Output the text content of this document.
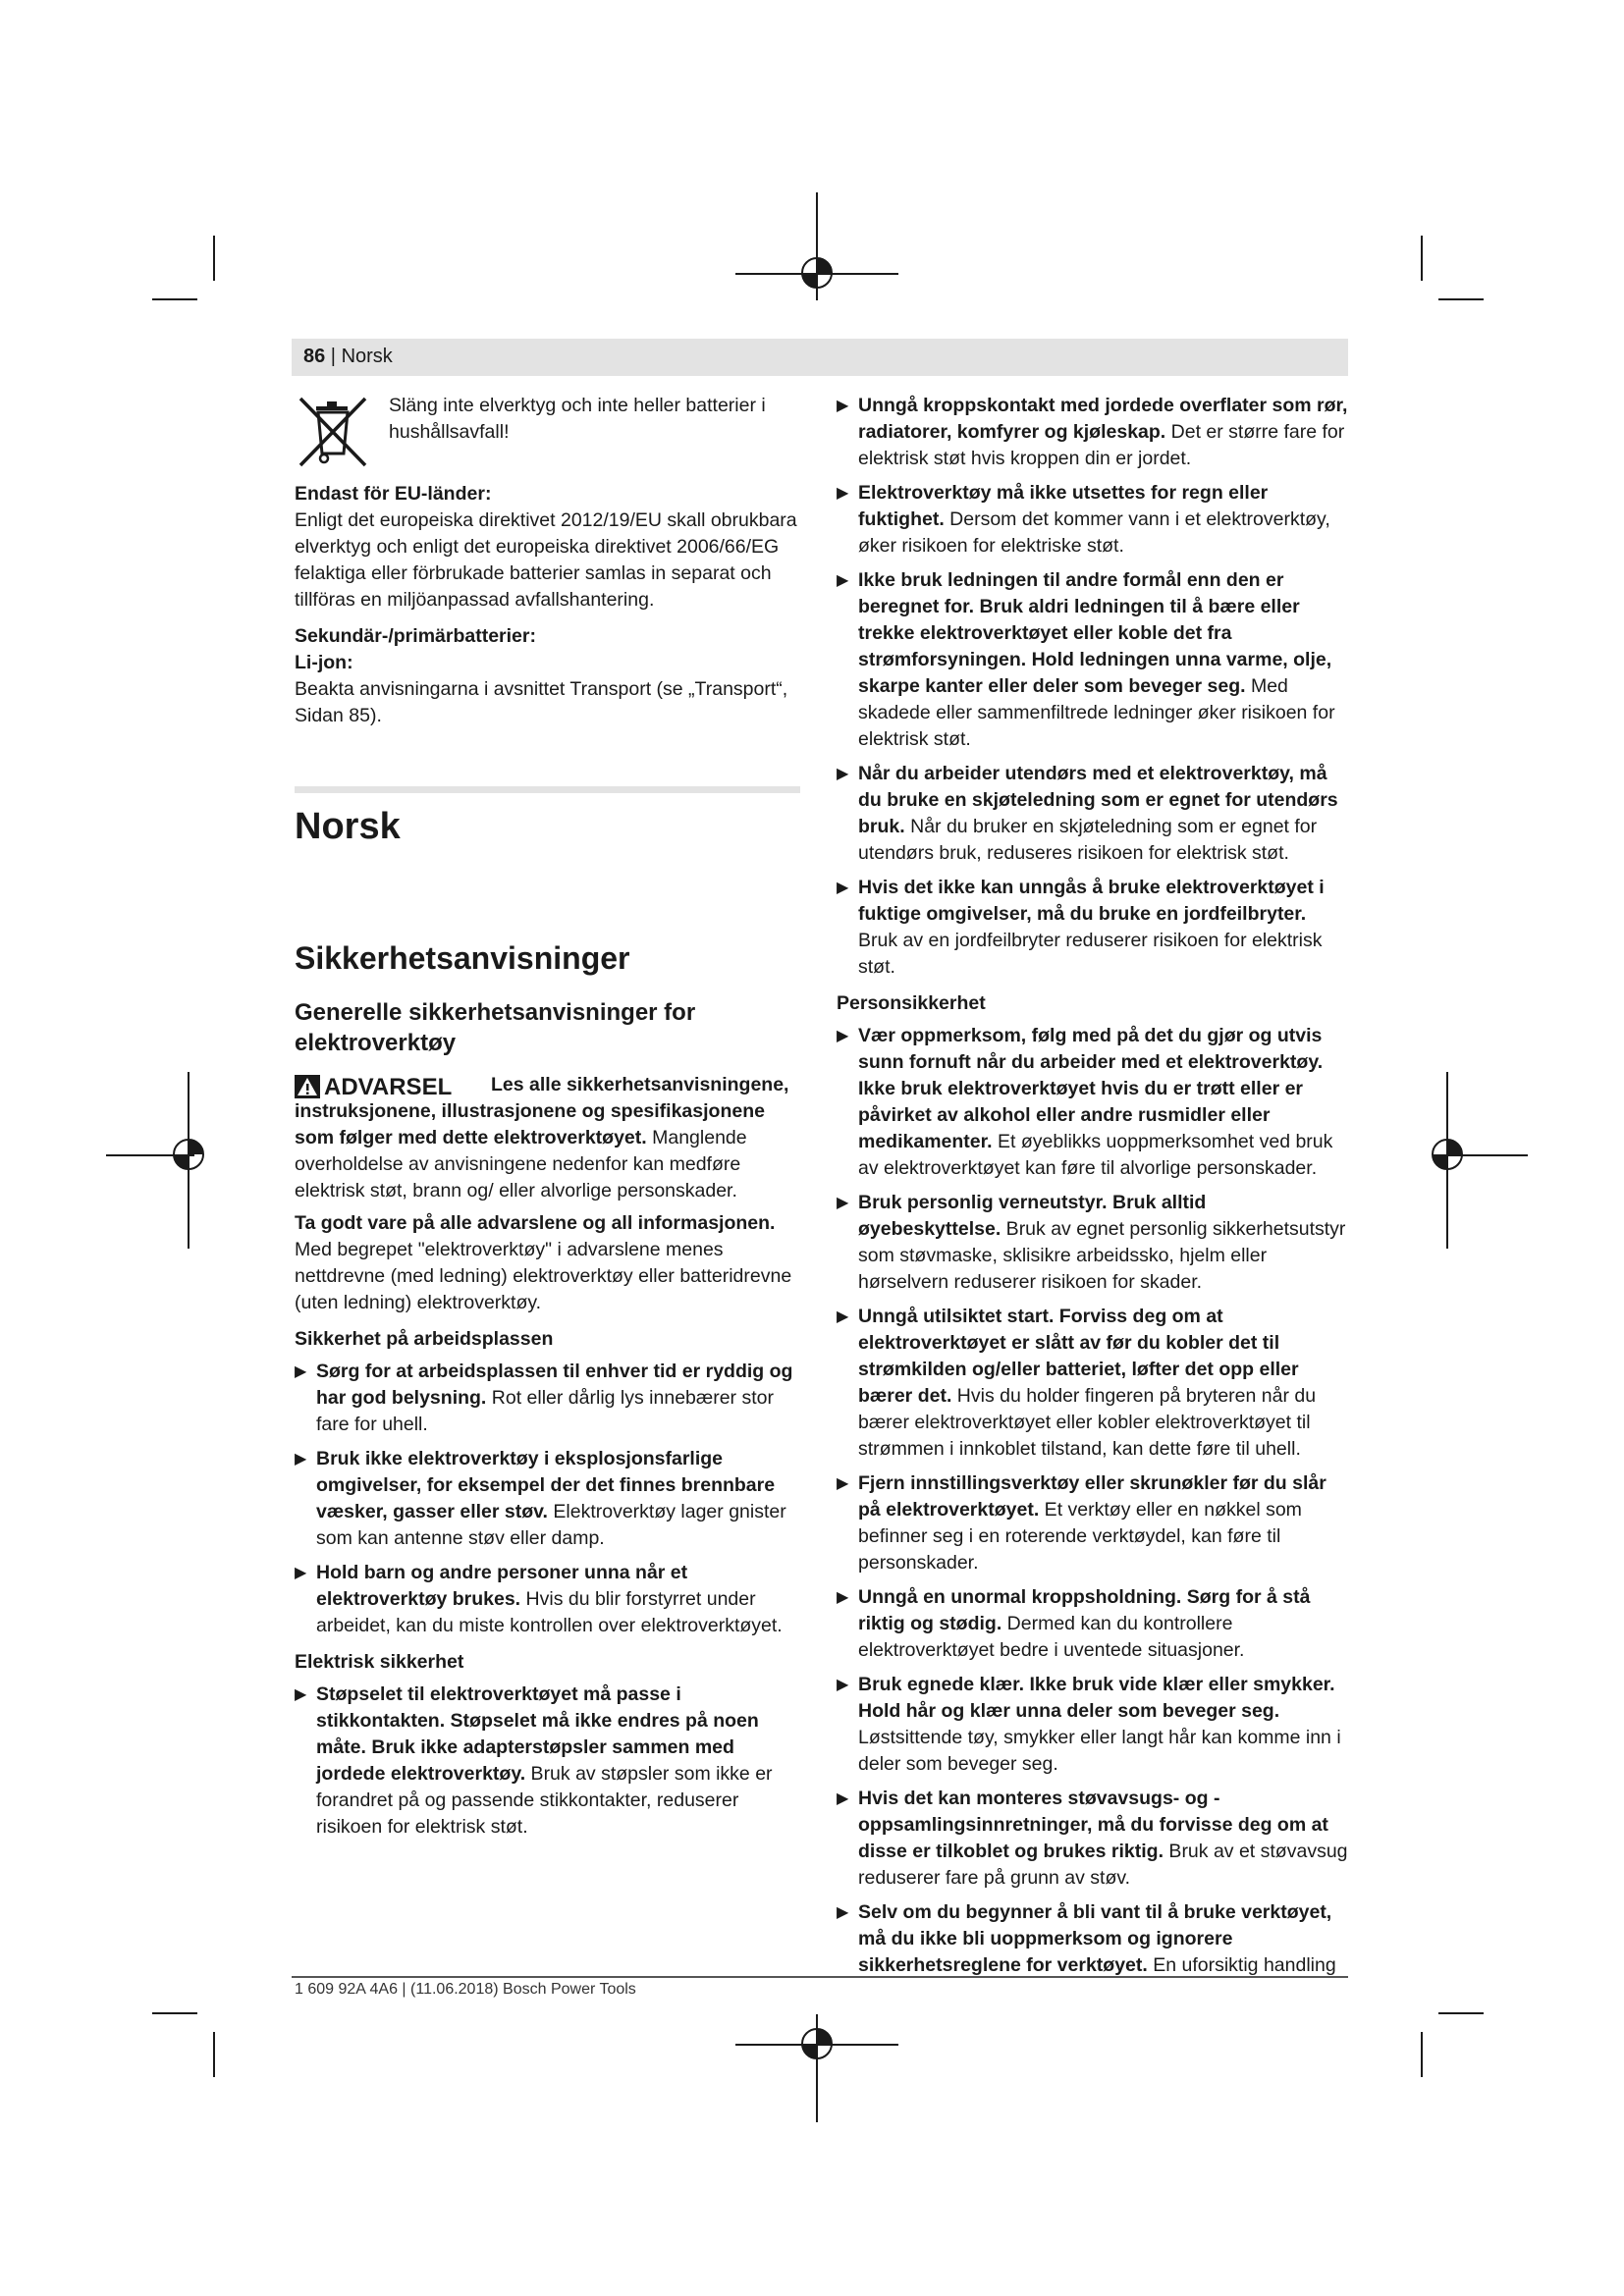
86 | Norsk

Släng inte elverktyg och inte heller batterier i hushållsavfall!

Endast för EU-länder:

Enligt det europeiska direktivet 2012/19/EU skall obrukbara elverktyg och enligt det europeiska direktivet 2006/66/EG felaktiga eller förbrukade batterier samlas in separat och tillföras en miljöanpassad avfallshantering.

Sekundär-/primärbatterier:

Li-jon:

Beakta anvisningarna i avsnittet Transport (se „Transport“, Sidan 85).

Norsk

Sikkerhetsanvisninger

Generelle sikkerhetsanvisninger for elektroverktøy

ADVARSEL	Les alle sikkerhetsanvisningene, instruksjonene, illustrasjonene og spesifikasjonene som følger med dette elektroverktøyet. Manglende overholdelse av anvisningene nedenfor kan medføre elektrisk støt, brann og/ eller alvorlige personskader.

Ta godt vare på alle advarslene og all informasjonen.

Med begrepet "elektroverktøy" i advarslene menes nettdrevne (med ledning) elektroverktøy eller batteridrevne (uten ledning) elektroverktøy.

Sikkerhet på arbeidsplassen

▶ Sørg for at arbeidsplassen til enhver tid er ryddig og har god belysning. Rot eller dårlig lys innebærer stor fare for uhell.
▶ Bruk ikke elektroverktøy i eksplosjonsfarlige omgivelser, for eksempel der det finnes brennbare væsker, gasser eller støv. Elektroverktøy lager gnister som kan antenne støv eller damp.
▶ Hold barn og andre personer unna når et elektroverktøy brukes. Hvis du blir forstyrret under arbeidet, kan du miste kontrollen over elektroverktøyet.

Elektrisk sikkerhet

▶ Støpselet til elektroverktøyet må passe i stikkontakten. Støpselet må ikke endres på noen måte. Bruk ikke adapterstøpsler sammen med jordede elektroverktøy. Bruk av støpsler som ikke er forandret på og passende stikkontakter, reduserer risikoen for elektrisk støt.
▶ Unngå kroppskontakt med jordede overflater som rør, radiatorer, komfyrer og kjøleskap. Det er større fare for elektrisk støt hvis kroppen din er jordet.
▶ Elektroverktøy må ikke utsettes for regn eller fuktighet. Dersom det kommer vann i et elektroverktøy, øker risikoen for elektriske støt.
▶ Ikke bruk ledningen til andre formål enn den er beregnet for. Bruk aldri ledningen til å bære eller trekke elektroverktøyet eller koble det fra strømforsyningen. Hold ledningen unna varme, olje, skarpe kanter eller deler som beveger seg. Med skadede eller sammenfiltrede ledninger øker risikoen for elektrisk støt.
▶ Når du arbeider utendørs med et elektroverktøy, må du bruke en skjøteledning som er egnet for utendørs bruk. Når du bruker en skjøteledning som er egnet for utendørs bruk, reduseres risikoen for elektrisk støt.
▶ Hvis det ikke kan unngås å bruke elektroverktøyet i fuktige omgivelser, må du bruke en jordfeilbryter. Bruk av en jordfeilbryter reduserer risikoen for elektrisk støt.

Personsikkerhet

▶ Vær oppmerksom, følg med på det du gjør og utvis sunn fornuft når du arbeider med et elektroverktøy. Ikke bruk elektroverktøyet hvis du er trøtt eller er påvirket av alkohol eller andre rusmidler eller medikamenter. Et øyeblikks uoppmerksomhet ved bruk av elektroverktøyet kan føre til alvorlige personskader.
▶ Bruk personlig verneutstyr. Bruk alltid øyebeskyttelse. Bruk av egnet personlig sikkerhetsutstyr som støvmaske, sklisikre arbeidssko, hjelm eller hørselvern reduserer risikoen for skader.
▶ Unngå utilsiktet start. Forviss deg om at elektroverktøyet er slått av før du kobler det til strømkilden og/eller batteriet, løfter det opp eller bærer det. Hvis du holder fingeren på bryteren når du bærer elektroverktøyet eller kobler elektroverktøyet til strømmen i innkoblet tilstand, kan dette føre til uhell.
▶ Fjern innstillingsverktøy eller skrunøkler før du slår på elektroverktøyet. Et verktøy eller en nøkkel som befinner seg i en roterende verktøydel, kan føre til personskader.
▶ Unngå en unormal kroppsholdning. Sørg for å stå riktig og stødig. Dermed kan du kontrollere elektroverktøyet bedre i uventede situasjoner.
▶ Bruk egnede klær. Ikke bruk vide klær eller smykker. Hold hår og klær unna deler som beveger seg. Løstsittende tøy, smykker eller langt hår kan komme inn i deler som beveger seg.
▶ Hvis det kan monteres støvavsugs- og -oppsamlingsinnretninger, må du forvisse deg om at disse er tilkoblet og brukes riktig. Bruk av et støvavsug reduserer fare på grunn av støv.
▶ Selv om du begynner å bli vant til å bruke verktøyet, må du ikke bli uoppmerksom og ignorere sikkerhetsreglene for verktøyet. En uforsiktig handling
1 609 92A 4A6 | (11.06.2018) Bosch Power Tools
